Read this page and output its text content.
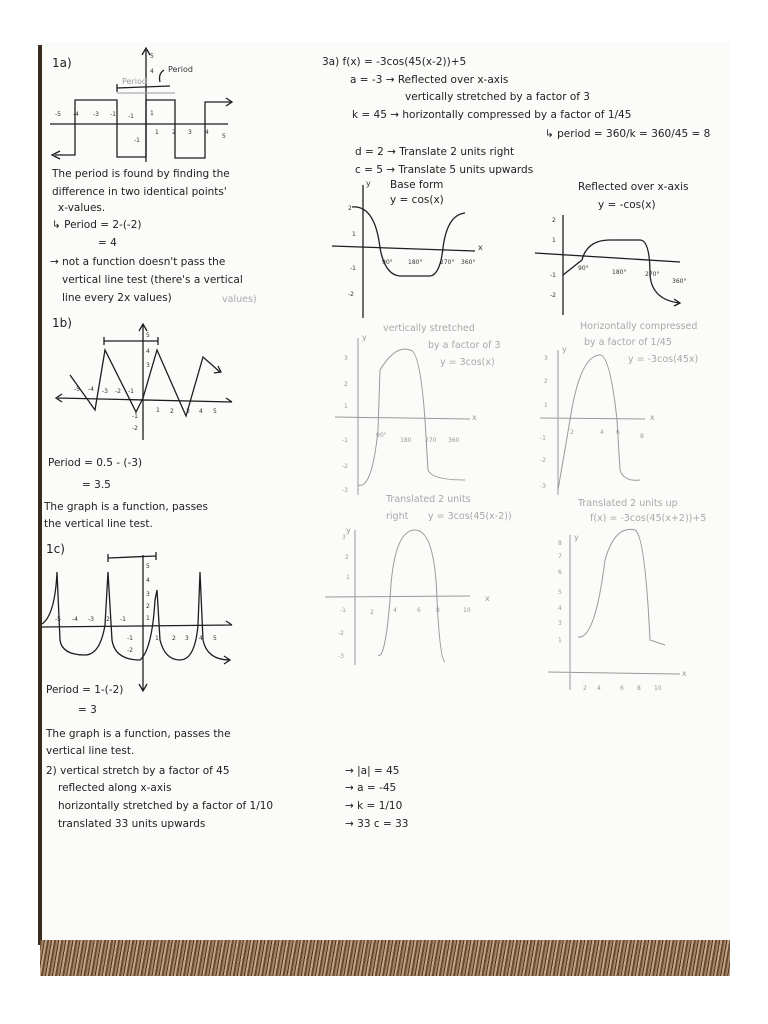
1a)
The period is found by finding the
difference in two identical points'
x-values.
↳ Period = 2-(-2)
= 4
→ not a function doesn't pass the
vertical line test (there's a vertical
line every 2x values)	values)
1b)
Period = 0.5 - (-3)
= 3.5
The graph is a function, passes
the vertical line test.
1c)
Period = 1-(-2)
= 3
The graph is a function, passes the
vertical line test.
2) vertical stretch by a factor of 45	→ |a| = 45
reflected along x-axis	→ a = -45
horizontally stretched by a factor of 1/10	→ k = 1/10
translated 33 units upwards	→ 33 c = 33
3a) f(x) = -3cos(45(x-2))+5
a = -3 → Reflected over x-axis
vertically stretched by a factor of 3
k = 45 → horizontally compressed by a factor of 1/45
↳ period = 360/k = 360/45 = 8
d = 2 → Translate 2 units right
c = 5 → Translate 5 units upwards
Base form
y = cos(x)
Reflected over x-axis
y = -cos(x)
vertically stretched
by a factor of 3
y = 3cos(x)
Horizontally compressed
by a factor of 1/45
y = -3cos(45x)
Translated 2 units
right y = 3cos(45(x-2))
Translated 2 units up
f(x) = -3cos(45(x+2))+5
Period
Period
-5 -4 -3 -1 -1
1 2 3 4
5
5
4
1
-1
-5 -4 -3 -2 -1
1 2 3 4 5
5
4
3
-1
-2
-5 -4 -3 -2 -1
1 2 3 4 5
5
4
3
2
1
-1
-2
x
y
90°	180°	270° 360°
2
1
-1
-2
90°
180°	270°
360°
2
1
-1
-2
90°
180 270 360
3
2
1
-1
-2
-3
x
y
2	4 6
8
3
2
1
-1
-2
-3
x
y
2	4	6	8	10
3
2
1
-1
-2
-3
x
y
2 4	6 8 10
8
7
6
5
4
3
1
x
y
